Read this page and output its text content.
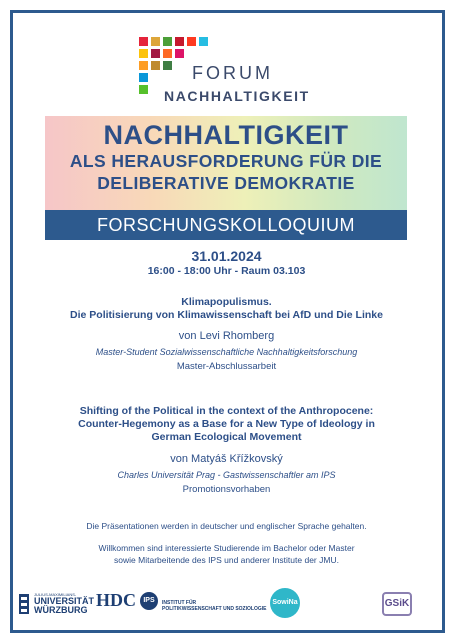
FORUM
NACHHALTIGKEIT
NACHHALTIGKEIT
ALS HERAUSFORDERUNG FÜR DIE
DELIBERATIVE DEMOKRATIE
FORSCHUNGSKOLLOQUIUM
31.01.2024
16:00 - 18:00 Uhr - Raum 03.103
Klimapopulismus.
Die Politisierung von Klimawissenschaft bei AfD und Die Linke
von Levi Rhomberg
Master-Student Sozialwissenschaftliche Nachhaltigkeitsforschung
Master-Abschlussarbeit
Shifting of the Political in the context of the Anthropocene:
Counter-Hegemony as a Base for a New Type of Ideology in
German Ecological Movement
von Matyáš Křížkovský
Charles Universität Prag - Gastwissenschaftler am IPS
Promotionsvorhaben
Die Präsentationen werden in deutscher und englischer Sprache gehalten.
Willkommen sind interessierte Studierende im Bachelor oder Master
sowie Mitarbeitende des IPS und anderer Institute der JMU.
JULIUS-MAXIMILIANS-
UNIVERSITÄT
WÜRZBURG HDC	IPS	INSTITUT FÜR
POLITIKWISSENSCHAFT UND SOZIOLOGIE
SowiNa	GSiK
